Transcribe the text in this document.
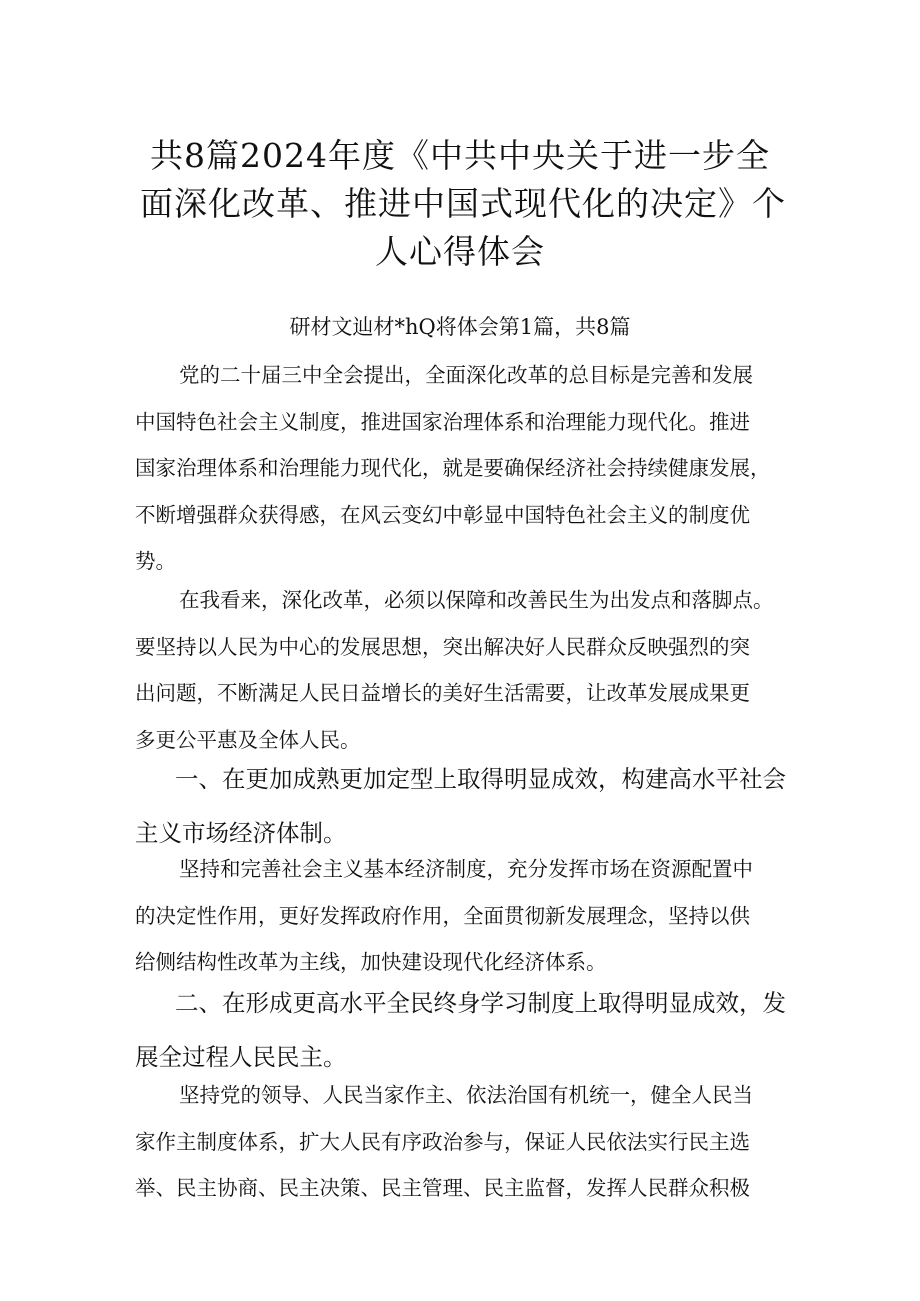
共8篇2024年度《中共中央关于进一步全
面深化改革、推进中国式现代化的决定》个
人心得体会
研材文辿材*hQ将体会第1篇，共8篇
党的二十届三中全会提出，全面深化改革的总目标是完善和发展
中国特色社会主义制度，推进国家治理体系和治理能力现代化。推进
国家治理体系和治理能力现代化，就是要确保经济社会持续健康发展，
不断增强群众获得感，在风云变幻中彰显中国特色社会主义的制度优
势。
在我看来，深化改革，必须以保障和改善民生为出发点和落脚点。
要坚持以人民为中心的发展思想，突出解决好人民群众反映强烈的突
出问题，不断满足人民日益增长的美好生活需要，让改革发展成果更
多更公平惠及全体人民。
一、在更加成熟更加定型上取得明显成效，构建高水平社会
主义市场经济体制。
坚持和完善社会主义基本经济制度，充分发挥市场在资源配置中
的决定性作用，更好发挥政府作用，全面贯彻新发展理念，坚持以供
给侧结构性改革为主线，加快建设现代化经济体系。
二、在形成更高水平全民终身学习制度上取得明显成效，发
展全过程人民民主。
坚持党的领导、人民当家作主、依法治国有机统一，健全人民当
家作主制度体系，扩大人民有序政治参与，保证人民依法实行民主选
举、民主协商、民主决策、民主管理、民主监督，发挥人民群众积极
